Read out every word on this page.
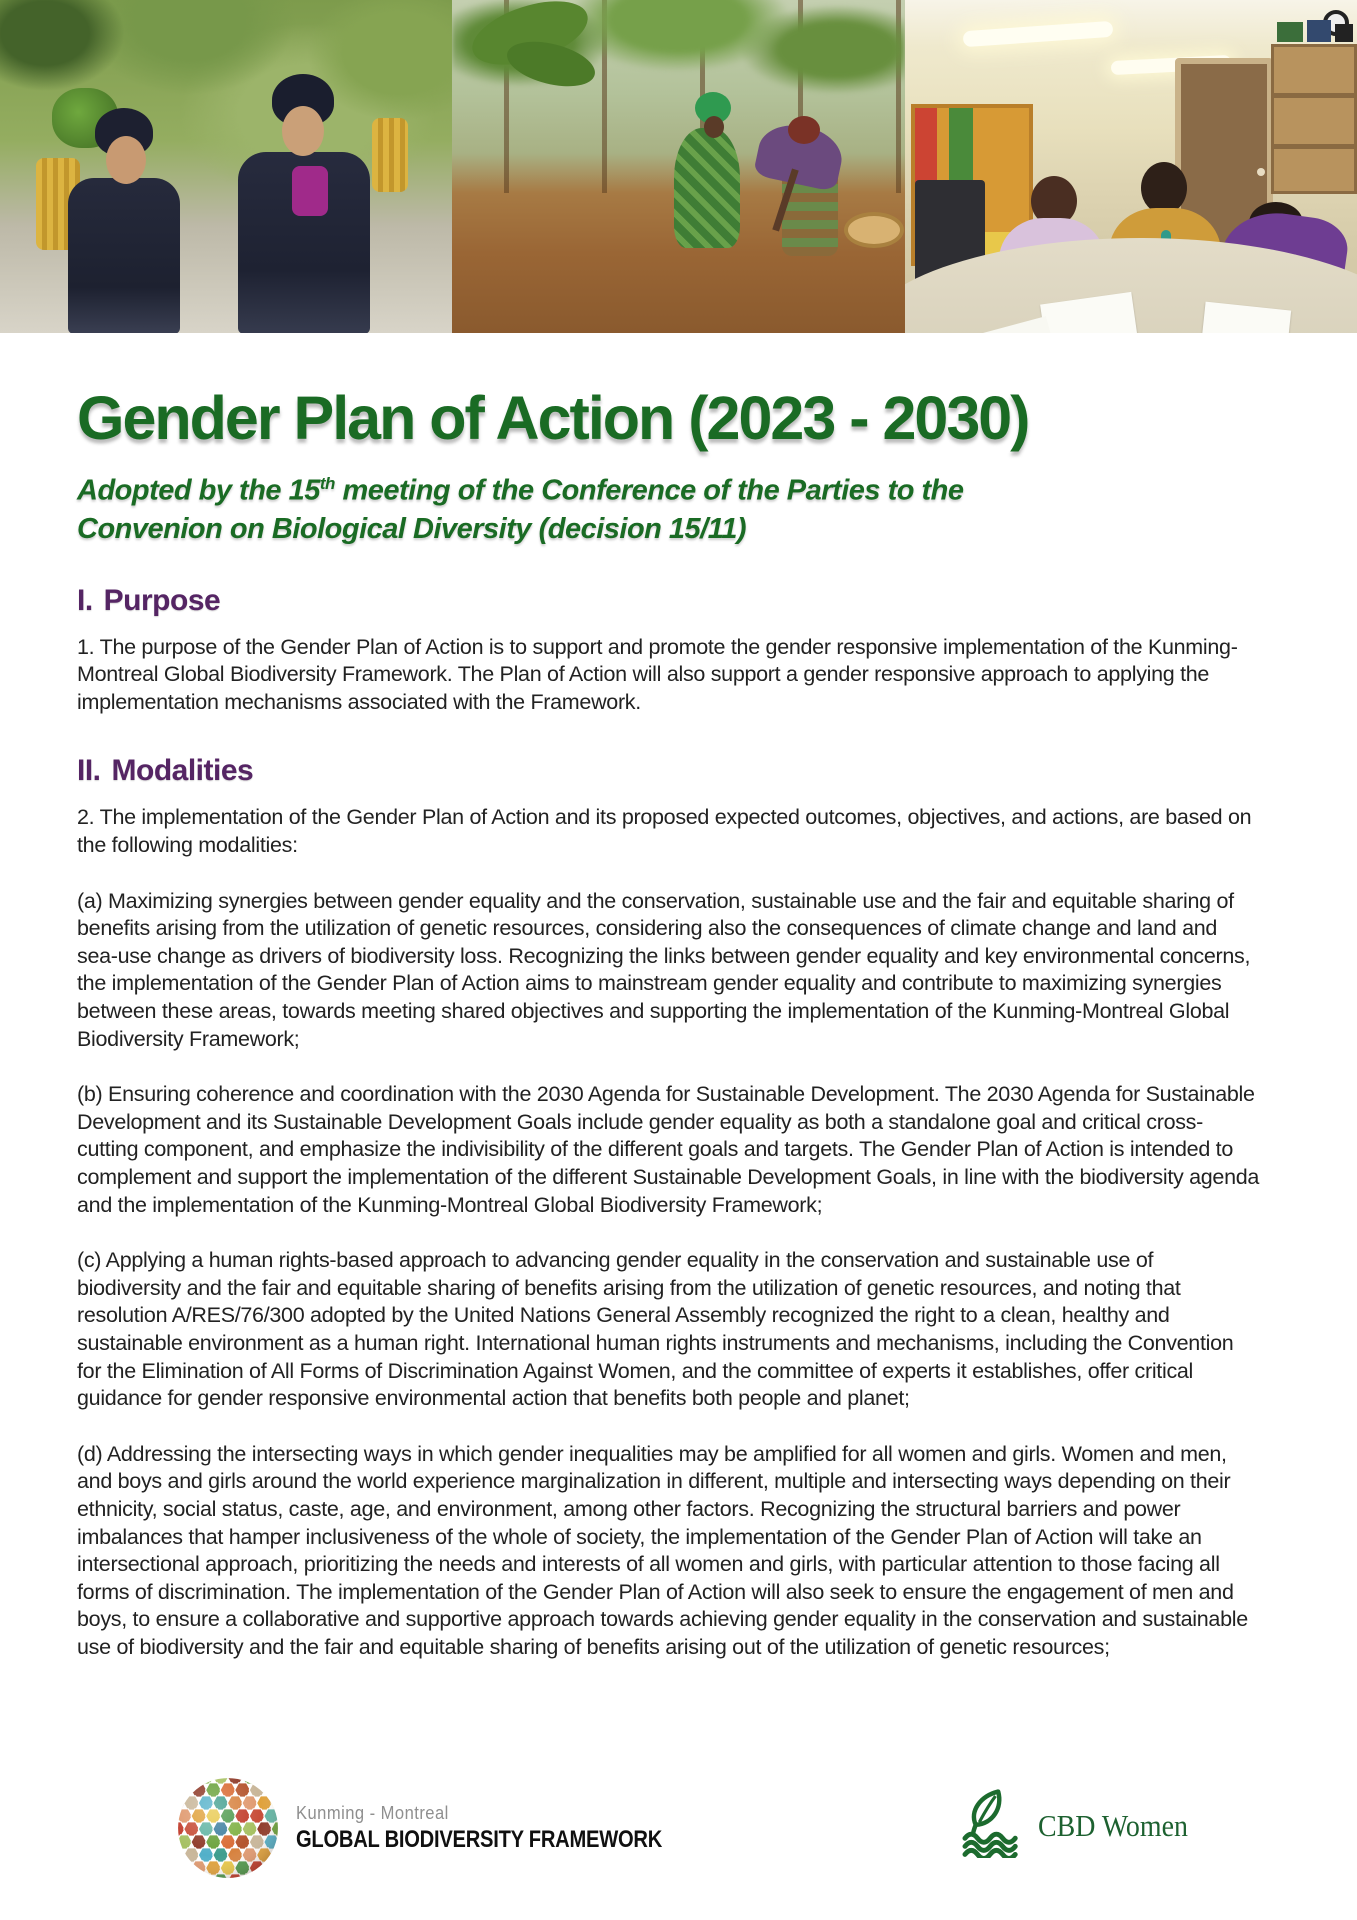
Gender Plan of Action (2023 - 2030)

Adopted by the 15th meeting of the Conference of the Parties to the
Convenion on Biological Diversity (decision 15/11)

I. Purpose

1. The purpose of the Gender Plan of Action is to support and promote the gender responsive implementation of the Kunming-Montreal Global Biodiversity Framework. The Plan of Action will also support a gender responsive approach to applying the implementation mechanisms associated with the Framework.

II. Modalities

2. The implementation of the Gender Plan of Action and its proposed expected outcomes, objectives, and actions, are based on the following modalities:

(a) Maximizing synergies between gender equality and the conservation, sustainable use and the fair and equitable sharing of benefits arising from the utilization of genetic resources, considering also the consequences of climate change and land and sea-use change as drivers of biodiversity loss. Recognizing the links between gender equality and key environmental concerns, the implementation of the Gender Plan of Action aims to mainstream gender equality and contribute to maximizing synergies between these areas, towards meeting shared objectives and supporting the implementation of the Kunming-Montreal Global Biodiversity Framework;

(b) Ensuring coherence and coordination with the 2030 Agenda for Sustainable Development. The 2030 Agenda for Sustainable Development and its Sustainable Development Goals include gender equality as both a standalone goal and critical cross-cutting component, and emphasize the indivisibility of the different goals and targets. The Gender Plan of Action is intended to complement and support the implementation of the different Sustainable Development Goals, in line with the biodiversity agenda and the implementation of the Kunming-Montreal Global Biodiversity Framework;

(c) Applying a human rights-based approach to advancing gender equality in the conservation and sustainable use of biodiversity and the fair and equitable sharing of benefits arising from the utilization of genetic resources, and noting that resolution A/RES/76/300 adopted by the United Nations General Assembly recognized the right to a clean, healthy and sustainable environment as a human right. International human rights instruments and mechanisms, including the Convention for the Elimination of All Forms of Discrimination Against Women, and the committee of experts it establishes, offer critical guidance for gender responsive environmental action that benefits both people and planet;

(d) Addressing the intersecting ways in which gender inequalities may be amplified for all women and girls. Women and men, and boys and girls around the world experience marginalization in different, multiple and intersecting ways depending on their ethnicity, social status, caste, age, and environment, among other factors. Recognizing the structural barriers and power imbalances that hamper inclusiveness of the whole of society, the implementation of the Gender Plan of Action will take an intersectional approach, prioritizing the needs and interests of all women and girls, with particular attention to those facing all forms of discrimination. The implementation of the Gender Plan of Action will also seek to ensure the engagement of men and boys, to ensure a collaborative and supportive approach towards achieving gender equality in the conservation and sustainable use of biodiversity and the fair and equitable sharing of benefits arising out of the utilization of genetic resources;

Kunming - Montreal
GLOBAL BIODIVERSITY FRAMEWORK	CBD Women
